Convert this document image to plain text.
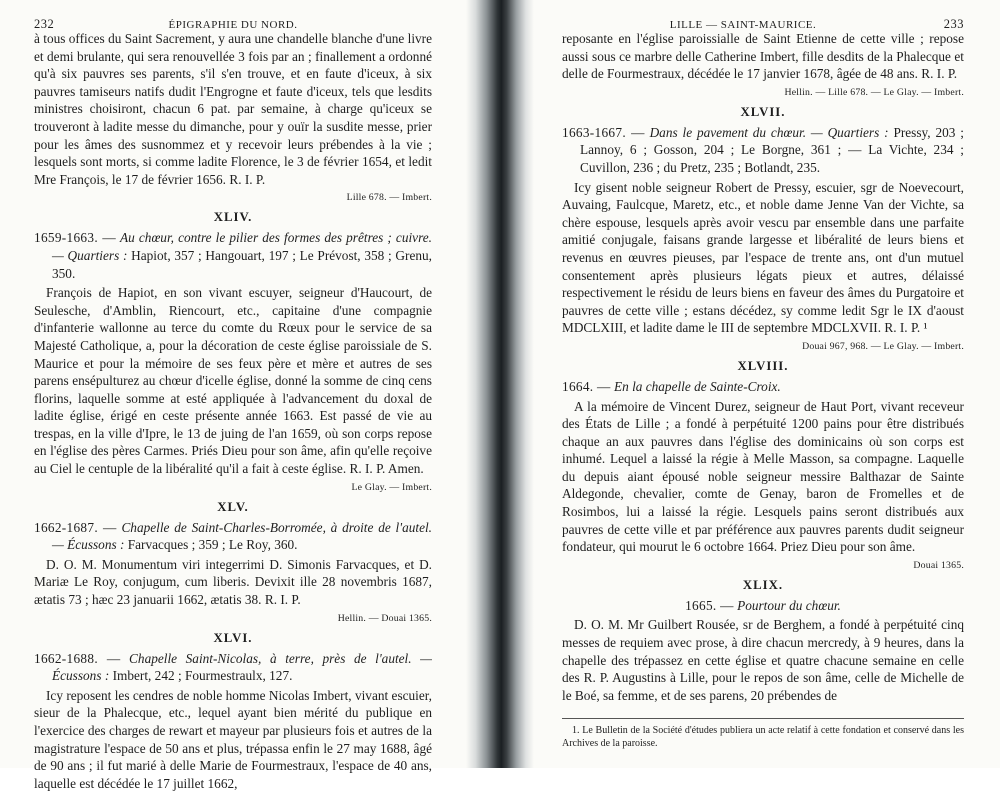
232	ÉPIGRAPHIE DU NORD.

à tous offices du Saint Sacrement, y aura une chandelle blanche d'une livre et demi brulante, qui sera renouvellée 3 fois par an ; finallement a ordonné qu'à six pauvres ses parents, s'il s'en trouve, et en faute d'iceux, à six pauvres tamiseurs natifs dudit l'Engrogne et faute d'iceux, tels que lesdits ministres choisiront, chacun 6 pat. par semaine, à charge qu'iceux se trouveront à ladite messe du dimanche, pour y ouïr la susdite messe, prier pour les âmes des susnommez et y recevoir leurs prébendes à la vie ; lesquels sont morts, si comme ladite Florence, le 3 de février 1654, et ledit Mre François, le 17 de février 1656. R. I. P.

Lille 678. — Imbert.
XLIV.
1659-1663. — Au chœur, contre le pilier des formes des prêtres ; cuivre. — Quartiers : Hapiot, 357 ; Hangouart, 197 ; Le Prévost, 358 ; Grenu, 350.

François de Hapiot, en son vivant escuyer, seigneur d'Haucourt, de Seulesche, d'Amblin, Riencourt, etc., capitaine d'une compagnie d'infanterie wallonne au terce du comte du Rœux pour le service de sa Majesté Catholique, a, pour la décoration de ceste église paroissiale de S. Maurice et pour la mémoire de ses feux père et mère et autres de ses parens ensépulturez au chœur d'icelle église, donné la somme de cinq cens florins, laquelle somme at esté appliquée à l'advancement du doxal de ladite église, érigé en ceste présente année 1663. Est passé de vie au trespas, en la ville d'Ipre, le 13 de juing de l'an 1659, où son corps repose en l'église des pères Carmes. Priés Dieu pour son âme, afin qu'elle reçoive au Ciel le centuple de la libéralité qu'il a fait à ceste église. R. I. P. Amen.

Le Glay. — Imbert.
XLV.
1662-1687. — Chapelle de Saint-Charles-Borromée, à droite de l'autel. — Écussons : Farvacques ; 359 ; Le Roy, 360.

D. O. M. Monumentum viri integerrimi D. Simonis Farvacques, et D. Mariæ Le Roy, conjugum, cum liberis. Devixit ille 28 novembris 1687, ætatis 73 ; hæc 23 januarii 1662, ætatis 38. R. I. P.

Hellin. — Douai 1365.
XLVI.
1662-1688. — Chapelle Saint-Nicolas, à terre, près de l'autel. — Écussons : Imbert, 242 ; Fourmestraulx, 127.

Icy reposent les cendres de noble homme Nicolas Imbert, vivant escuier, sieur de la Phalecque, etc., lequel ayant bien mérité du publique en l'exercice des charges de rewart et mayeur par plusieurs fois et autres de la magistrature l'espace de 50 ans et plus, trépassa enfin le 27 may 1688, âgé de 90 ans ; il fut marié à delle Marie de Fourmestraux, l'espace de 40 ans, laquelle est décédée le 17 juillet 1662,

LILLE — SAINT-MAURICE.	233

reposante en l'église paroissialle de Saint Etienne de cette ville ; repose aussi sous ce marbre delle Catherine Imbert, fille desdits de la Phalecque et delle de Fourmestraux, décédée le 17 janvier 1678, âgée de 48 ans. R. I. P.

Hellin. — Lille 678. — Le Glay. — Imbert.
XLVII.
1663-1667. — Dans le pavement du chœur. — Quartiers : Pressy, 203 ; Lannoy, 6 ; Gosson, 204 ; Le Borgne, 361 ; — La Vichte, 234 ; Cuvillon, 236 ; du Pretz, 235 ; Botlandt, 235.

Icy gisent noble seigneur Robert de Pressy, escuier, sgr de Noevecourt, Auvaing, Faulcque, Maretz, etc., et noble dame Jenne Van der Vichte, sa chère espouse, lesquels après avoir vescu par ensemble dans une parfaite amitié conjugale, faisans grande largesse et libéralité de leurs biens et revenus en œuvres pieuses, par l'espace de trente ans, ont d'un mutuel consentement après plusieurs légats pieux et autres, délaissé respectivement le résidu de leurs biens en faveur des âmes du Purgatoire et pauvres de cette ville ; estans décédez, sy comme ledit Sgr le IX d'aoust MDCLXIII, et ladite dame le III de septembre MDCLXVII. R. I. P. ¹

Douai 967, 968. — Le Glay. — Imbert.
XLVIII.
1664. — En la chapelle de Sainte-Croix.

A la mémoire de Vincent Durez, seigneur de Haut Port, vivant receveur des États de Lille ; a fondé à perpétuité 1200 pains pour être distribués chaque an aux pauvres dans l'église des dominicains où son corps est inhumé. Lequel a laissé la régie à Melle Masson, sa compagne. Laquelle du depuis aiant épousé noble seigneur messire Balthazar de Sainte Aldegonde, chevalier, comte de Genay, baron de Fromelles et de Rosimbos, lui a laissé la régie. Lesquels pains seront distribués aux pauvres de cette ville et par préférence aux pauvres parents dudit seigneur fondateur, qui mourut le 6 octobre 1664. Priez Dieu pour son âme.

Douai 1365.
XLIX.
1665. — Pourtour du chœur.

D. O. M. Mr Guilbert Rousée, sr de Berghem, a fondé à perpétuité cinq messes de requiem avec prose, à dire chacun mercredy, à 9 heures, dans la chapelle des trépassez en cette église et quatre chacune semaine en celle des R. P. Augustins à Lille, pour le repos de son âme, celle de Michelle de le Boé, sa femme, et de ses parens, 20 prébendes de

1. Le Bulletin de la Société d'études publiera un acte relatif à cette fondation et conservé dans les Archives de la paroisse.
